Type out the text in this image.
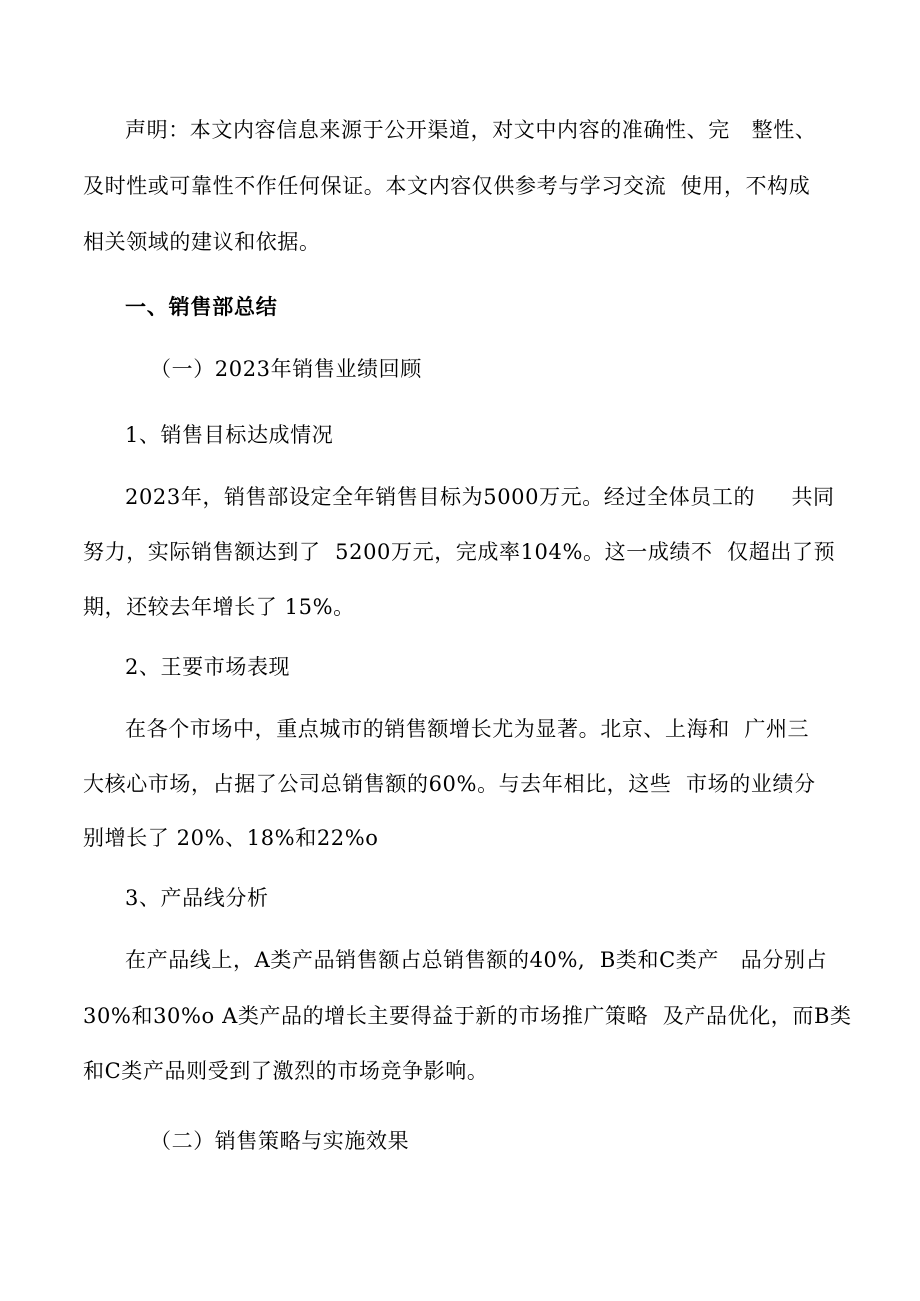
声明：本文内容信息来源于公开渠道，对文中内容的准确性、完   整性、
及时性或可靠性不作任何保证。本文内容仅供参考与学习交流  使用，不构成
相关领域的建议和依据。
一、销售部总结
（一）2023年销售业绩回顾
1、销售目标达成情况
2023年，销售部设定全年销售目标为5000万元。经过全体员工的     共同
努力，实际销售额达到了  5200万元，完成率104%。这一成绩不  仅超出了预
期，还较去年增长了 15%。
2、王要市场表现
在各个市场中，重点城市的销售额增长尤为显著。北京、上海和  广州三
大核心市场，占据了公司总销售额的60%。与去年相比，这些  市场的业绩分
别增长了 20%、18%和22%o
3、产品线分析
在产品线上，A类产品销售额占总销售额的40%,  B类和C类产   品分别占
30%和30%o A类产品的增长主要得益于新的市场推广策略  及产品优化，而B类
和C类产品则受到了激烈的市场竞争影响。
（二）销售策略与实施效果
